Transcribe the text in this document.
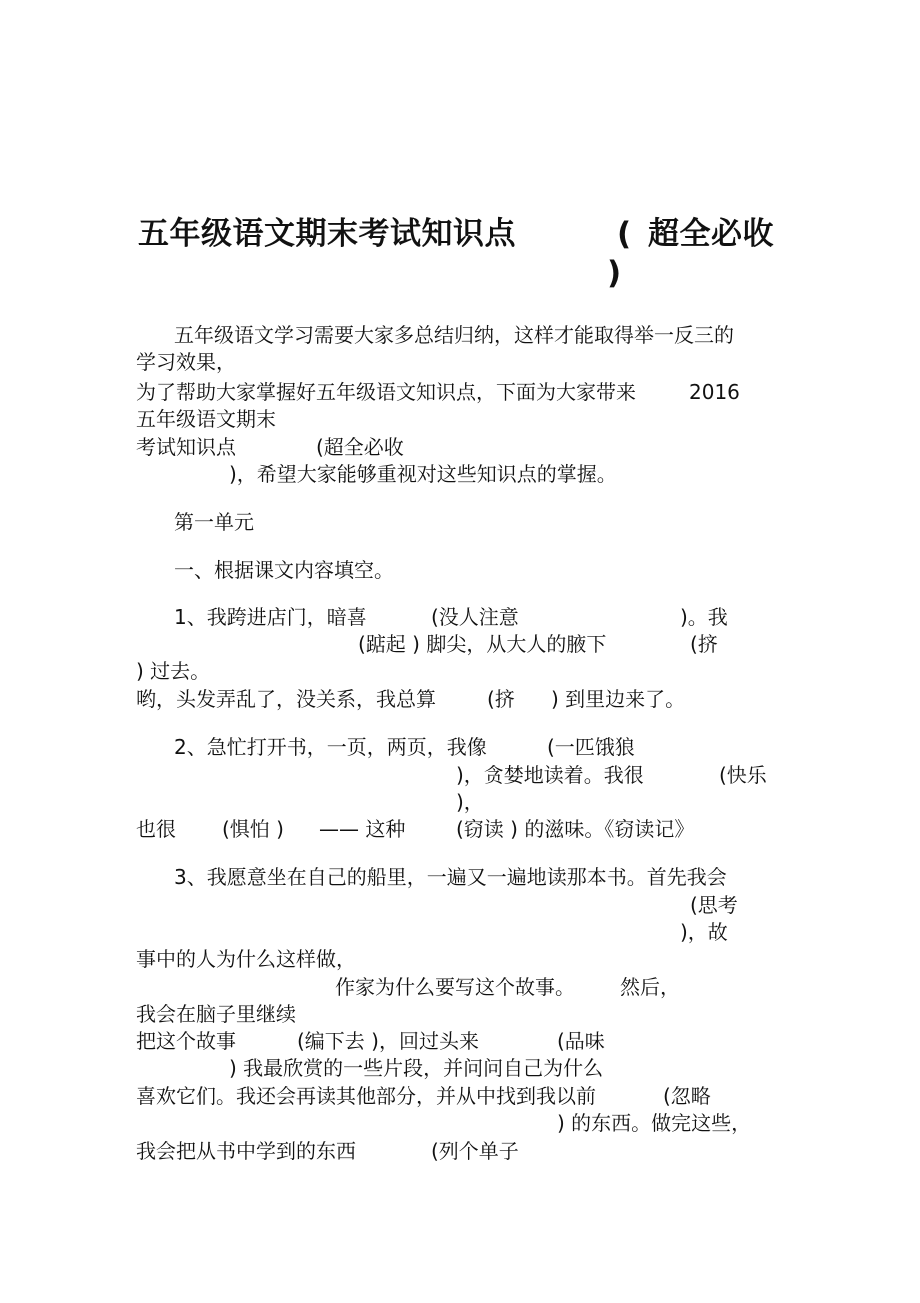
五年级语文期末考试知识点	( 超全必收
)
五年级语文学习需要大家多总结归纳，这样才能取得举一反三的
学习效果，
为了帮助大家掌握好五年级语文知识点，下面为大家带来	2016
五年级语文期末
考试知识点	(超全必收
)，希望大家能够重视对这些知识点的掌握。
第一单元
一、根据课文内容填空。
1、我跨进店门，暗喜	(没人注意	)。我
(踮起 ) 脚尖，从大人的腋下	(挤
) 过去。
哟，头发弄乱了，没关系，我总算	(挤 ) 到里边来了。
2、急忙打开书，一页，两页，我像	(一匹饿狼
)，贪婪地读着。我很	(快乐
)，
也很 (惧怕 ) —— 这种	(窃读 ) 的滋味。《窃读记》
3、我愿意坐在自己的船里，一遍又一遍地读那本书。首先我会
(思考
)，故
事中的人为什么这样做，
作家为什么要写这个故事。 然后，
我会在脑子里继续
把这个故事	(编下去 )，回过头来	(品味
) 我最欣赏的一些片段，并问问自己为什么
喜欢它们。我还会再读其他部分，并从中找到我以前	(忽略
) 的东西。做完这些，
我会把从书中学到的东西	(列个单子
